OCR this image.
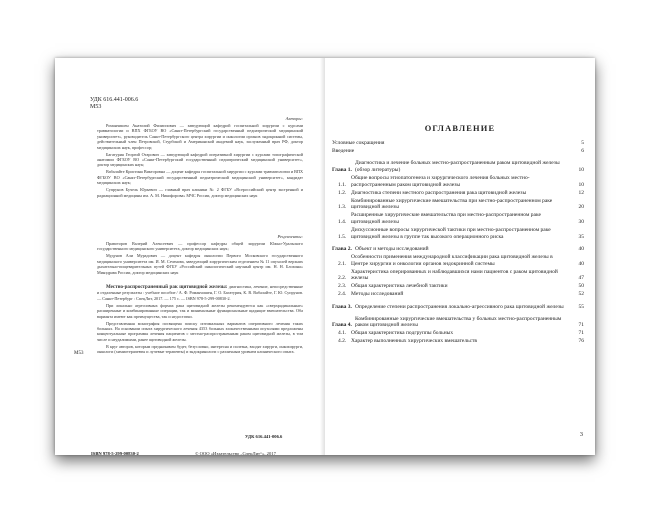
УДК 616.441-006.6
М53
Авторы:

Романчишен Анатолий Филиппович — заведующий кафедрой госпитальной хирургии с курсами травматологии и ВПХ ФГБОУ ВО «Санкт-Петербургский государственный педиатрический медицинский университет», руководитель Санкт-Петербургского центра хирургии и онкологии органов эндокринной системы, действительный член Петровской, Стурбской и Американской академий наук, заслуженный врач РФ, доктор медицинских наук, профессор;

Багатурия Георгий Отарович — заведующий кафедрой оперативной хирургии с курсами топографической анатомии ФГБОУ ВО «Санкт-Петербургский государственный педиатрический медицинский университет», доктор медицинских наук;

Вабалайте Кристина Викторовна — доцент кафедры госпитальной хирургии с курсами травматологии и ВПХ ФГБОУ ВО «Санкт-Петербургский государственный педиатрический медицинский университет», кандидат медицинских наук;

Супрунов Бучель Юрьевич — главный врач клиники № 2 ФГБУ «Всероссийский центр экстренной и радиационной медицины им. А. М. Никифорова» МЧС России, доктор медицинских наук

Рецензенты:

Правоторов Валерий Алексеевич — профессор кафедры общей хирургии Южно-Уральского государственного медицинского университета, доктор медицинских наук;

Мудунов Али Мурадович — доцент кафедры онкологии Первого Московского государственного медицинского университета им. И. М. Сеченова, заведующий хирургическим отделением № 11 опухолей верхних дыхательно-пищеварительных путей ФГБУ «Российский онкологический научный центр им. Н. Н. Блохина» Минздрава России, доктор медицинских наук

М53

Местно-распространенный рак щитовидной железы: диагностика, лечение, непосредственные и отдаленные результаты : учебное пособие / А. Ф. Романчишен, Г. О. Багатурия, К. В. Вабалайте, Г. Ю. Супрунов. — Санкт-Петербург : СпецЛит, 2017. — 175 с. — ISBN 978-5-299-00830-2.

При локально агрессивных формах рака щитовидной железы рекомендуются как «сверхрадикальные» расширенные и комбинированные операции, так и минимальные функциональные щадящие вмешательства. Оба варианта имеют как преимущества, так и недостатки.

Представленная монография посвящена поиску оптимальных вариантов оперативного лечения таких больных. На основании опыта хирургического лечения 4353 больных злокачественными опухолями предложены концептуальные программы лечения пациентов с местно-распространенным раком щитовидной железы, в том числе и неудалимыми, ранее щитовидной железы.

В круг авторов, которым предназначен будет, безусловно, интересна и полезна, входят хирурги, онкохирурги, онкологи (химиотерапевты и лучевые терапевты) и эндокринологи с различным уровнем клинического опыта.

УДК 616.441-006.6
ISBN 978-5-299-00830-2	© ООО «Издательство „СпецЛит“», 2017
ОГЛАВЛЕНИЕ
Условные сокращения	5
Введение	6
Глава 1.
Диагностика и лечение больных местно-распространенным раком щитовидной железы (обзор литературы)	10
1.1.
Общие вопросы этиопатогенеза и хирургического лечения больных местно-распространенным раком щитовидной железы	10
1.2. Диагностика степени местного распространения рака щитовидной железы	12
1.3.
Комбинированные хирургические вмешательства при местно-распространенном раке щитовидной железы	20
1.4.
Расширенные хирургические вмешательства при местно-распространенном раке щитовидной железы	30
1.5.
Дискуссионные вопросы хирургической тактики при местно-распространенном раке щитовидной железы в группе так высокого операционного риска	35
Глава 2. Объект и методы исследований	40
2.1.
Особенности применения международной классификации рака щитовидной железы в Центре хирургии и онкологии органов эндокринной системы	40
2.2.
Характеристика оперированных и наблюдавшихся нами пациентов с раком щитовидной железы	47
2.3. Общая характеристика лечебной тактики	50
2.4. Методы исследований	52
Глава 3. Определение степени распространения локально-агрессивного рака щитовидной железы	55
Глава 4.
Комбинированные хирургические вмешательства у больных местно-распространенным раком щитовидной железы	71
4.1. Общая характеристика подгруппы больных	71
4.2. Характер выполненных хирургических вмешательств	76
3
